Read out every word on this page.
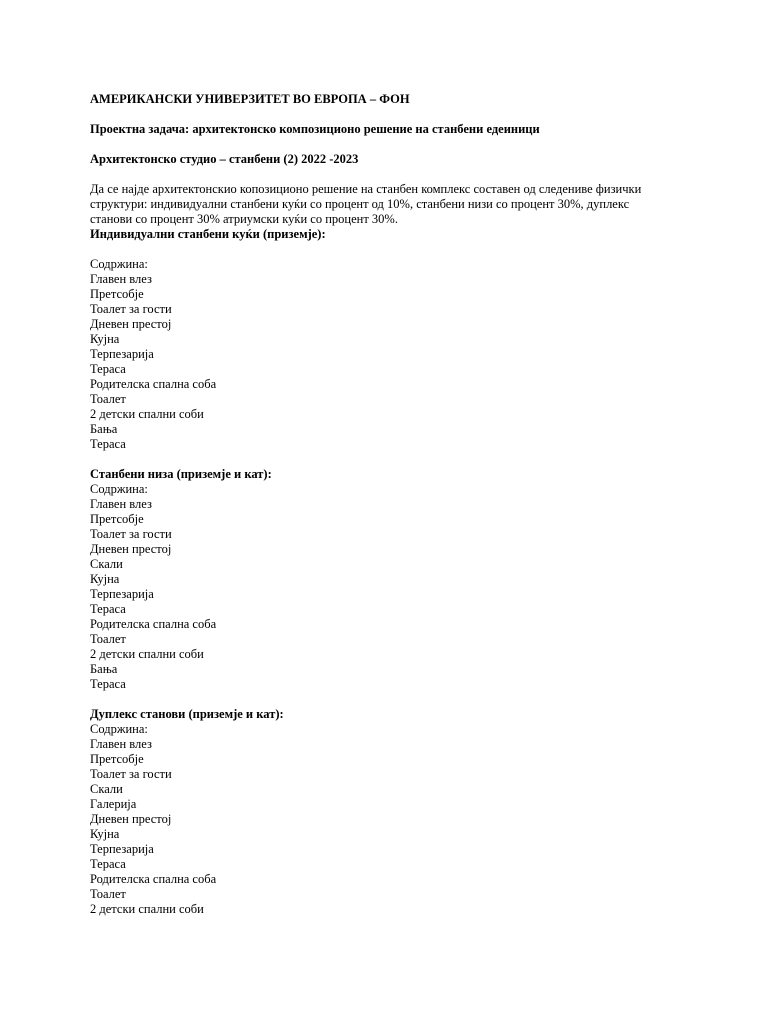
АМЕРИКАНСКИ УНИВЕРЗИТЕТ ВО ЕВРОПА – ФОН

Проектна задача: архитектонско композиционо решение на станбени едеиници

Архитектонско студио – станбени (2) 2022 -2023

Да се најде архитектонскио копозиционо решение на станбен комплекс составен од следениве физички

структури: индивидуални станбени куќи со процент од 10%, станбени низи со процент 30%, дуплекс

станови со процент 30% атриумски куќи со процент 30%.

Индивидуални станбени куќи (приземје):

Содржина:

Главен влез

Претсобје

Тоалет за гости

Дневен престој

Кујна

Терпезарија

Тераса

Родителска спална соба

Тоалет

2 детски спални соби

Бања

Тераса

Станбени низа (приземје и кат):

Содржина:

Главен влез

Претсобје

Тоалет за гости

Дневен престој

Скали

Кујна

Терпезарија

Тераса

Родителска спална соба

Тоалет

2 детски спални соби

Бања

Тераса

Дуплекс станови (приземје и кат):

Содржина:

Главен влез

Претсобје

Тоалет за гости

Скали

Галерија

Дневен престој

Кујна

Терпезарија

Тераса

Родителска спална соба

Тоалет

2 детски спални соби
